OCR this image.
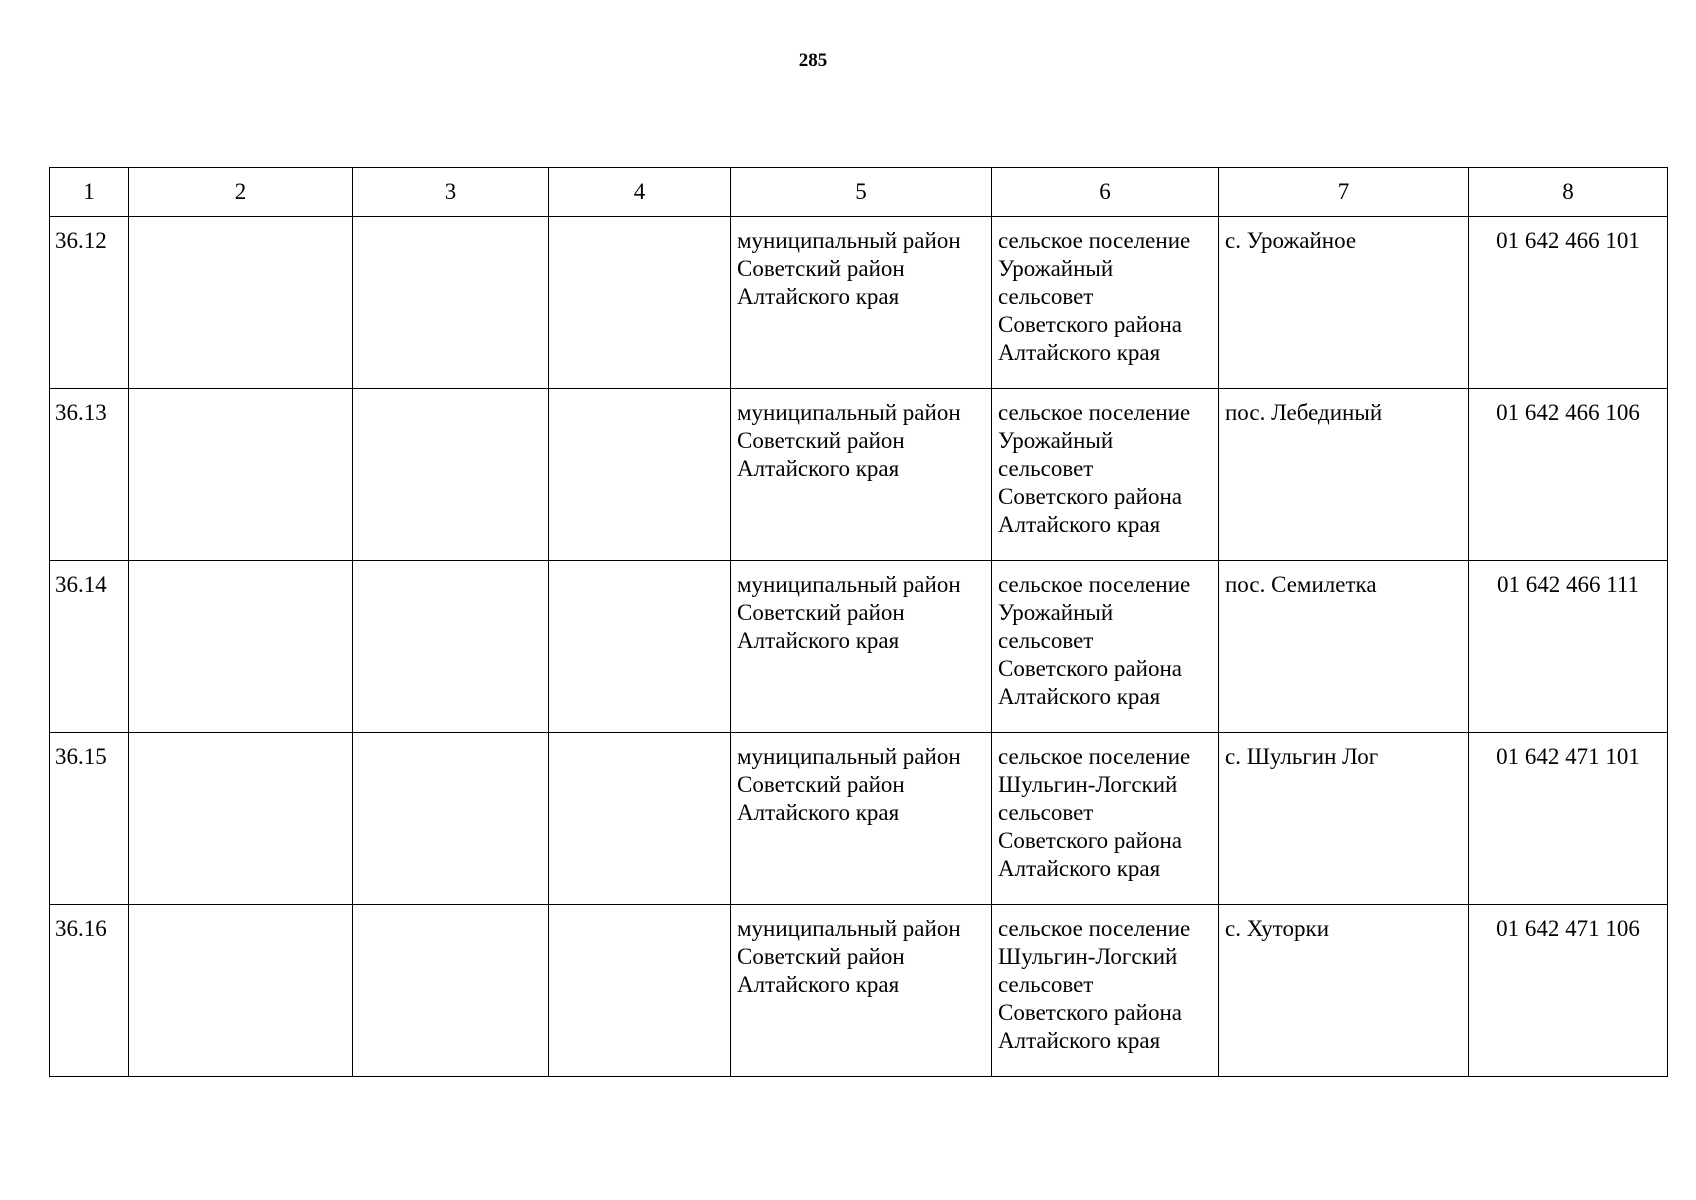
285
1	2	3	4	5	6	7	8
36.12				муниципальный район
Советский район
Алтайского края	сельское поселение
Урожайный
сельсовет
Советского района
Алтайского края	с. Урожайное	01 642 466 101
36.13				муниципальный район
Советский район
Алтайского края	сельское поселение
Урожайный
сельсовет
Советского района
Алтайского края	пос. Лебединый	01 642 466 106
36.14				муниципальный район
Советский район
Алтайского края	сельское поселение
Урожайный
сельсовет
Советского района
Алтайского края	пос. Семилетка	01 642 466 111
36.15				муниципальный район
Советский район
Алтайского края	сельское поселение
Шульгин-Логский
сельсовет
Советского района
Алтайского края	с. Шульгин Лог	01 642 471 101
36.16				муниципальный район
Советский район
Алтайского края	сельское поселение
Шульгин-Логский
сельсовет
Советского района
Алтайского края	с. Хуторки	01 642 471 106
